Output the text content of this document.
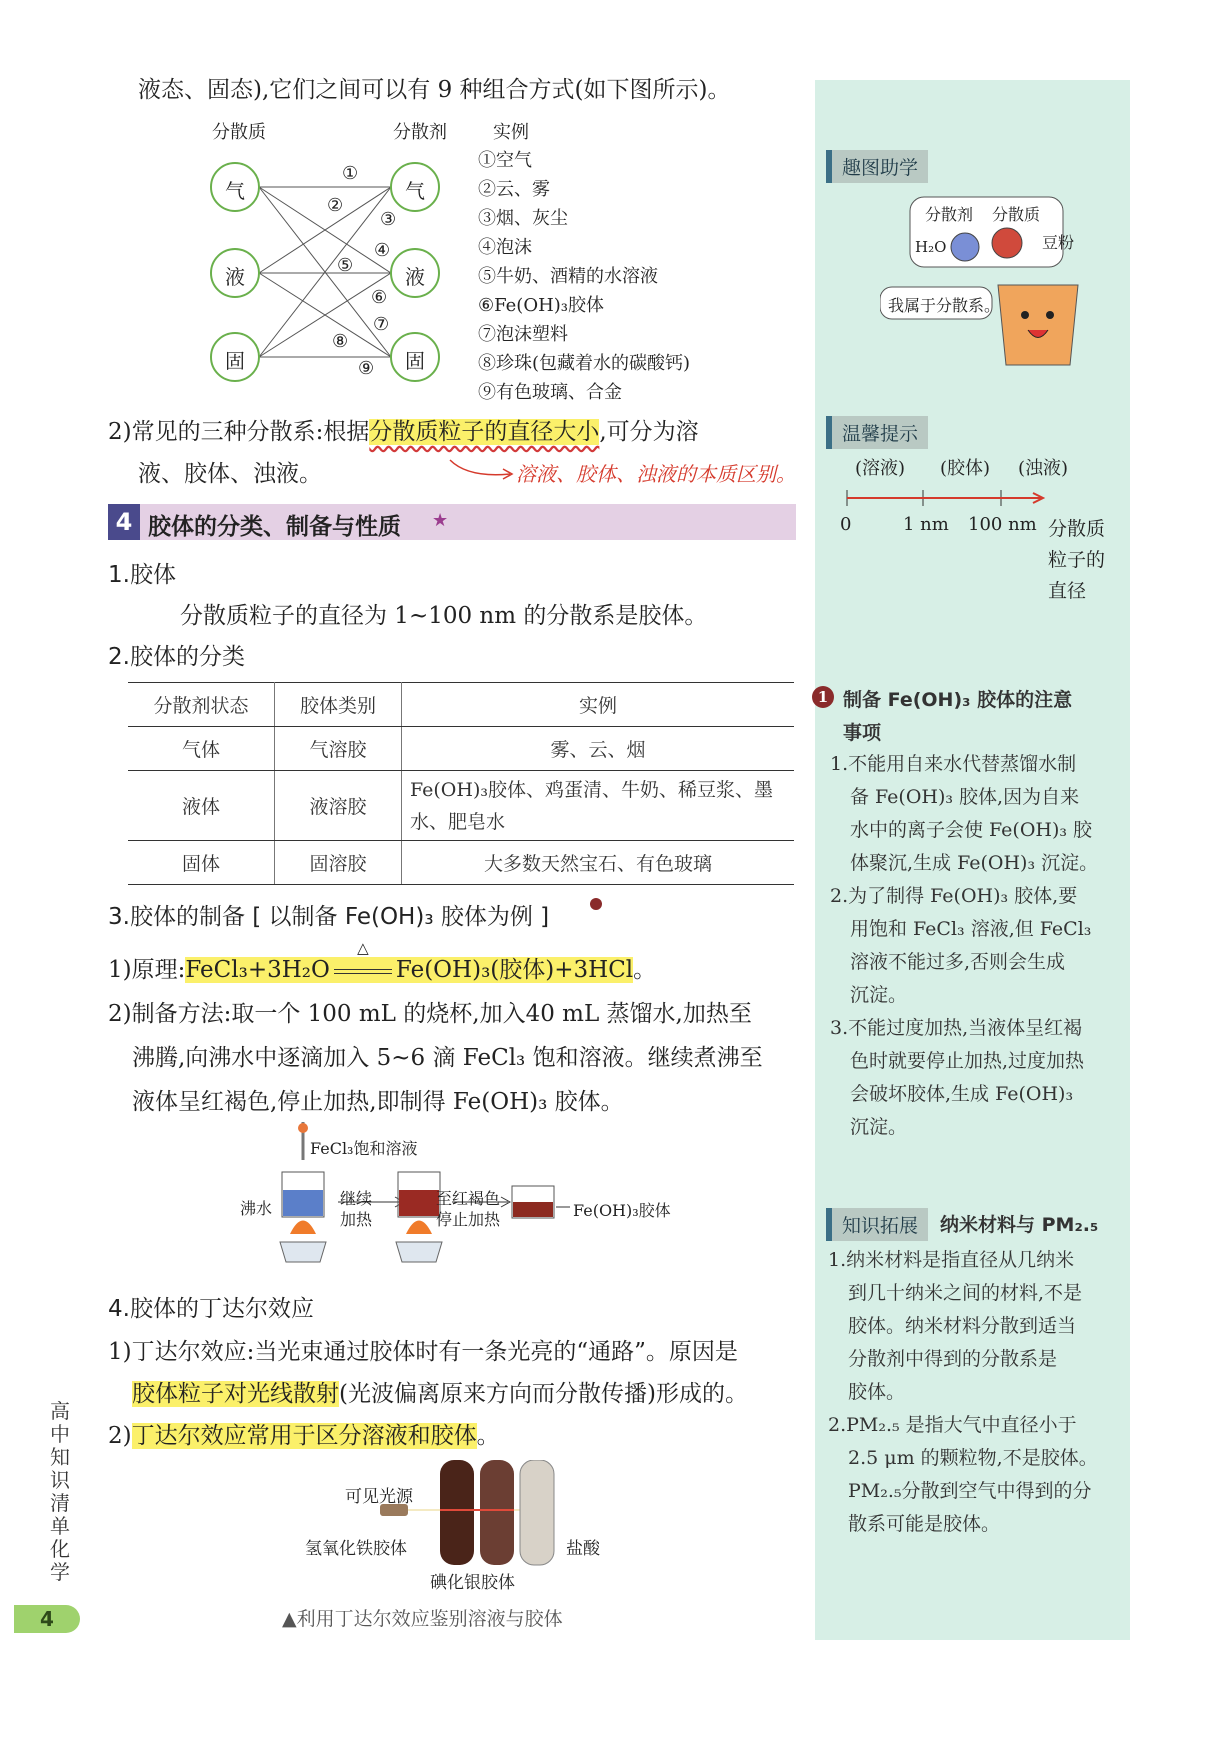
趣图助学
分散剂 分散质
H₂O	豆粉
我属于分散系。
温馨提示
(溶液) (胶体) (浊液)
0	1 nm 100 nm 分散质
粒子的
直径
1 制备 Fe(OH)₃ 胶体的注意
事项
1.不能用自来水代替蒸馏水制
备 Fe(OH)₃ 胶体,因为自来
水中的离子会使 Fe(OH)₃ 胶
体聚沉,生成 Fe(OH)₃ 沉淀。
2.为了制得 Fe(OH)₃ 胶体,要
用饱和 FeCl₃ 溶液,但 FeCl₃
溶液不能过多,否则会生成
沉淀。
3.不能过度加热,当液体呈红褐
色时就要停止加热,过度加热
会破坏胶体,生成 Fe(OH)₃
沉淀。
知识拓展	纳米材料与 PM₂.₅
1.纳米材料是指直径从几纳米
到几十纳米之间的材料,不是
胶体。纳米材料分散到适当
分散剂中得到的分散系是
胶体。
2.PM₂.₅ 是指大气中直径小于
2.5 μm 的颗粒物,不是胶体。
PM₂.₅分散到空气中得到的分
散系可能是胶体。
液态、固态),它们之间可以有 9 种组合方式(如下图所示)。
分散质	分散剂	实例
气
液
固
气
液
固
①
②
③
④
⑤
⑥
⑦
⑧
⑨
①空气
②云、雾
③烟、灰尘
④泡沫
⑤牛奶、酒精的水溶液
⑥Fe(OH)₃胶体
⑦泡沫塑料
⑧珍珠(包藏着水的碳酸钙)
⑨有色玻璃、合金
2)常见的三种分散系:根据分散质粒子的直径大小,可分为溶
液、胶体、浊液。	溶液、胶体、浊液的本质区别。
4 胶体的分类、制备与性质 ★
1.胶体
分散质粒子的直径为 1~100 nm 的分散系是胶体。
2.胶体的分类
分散剂状态	胶体类别	实例
气体	气溶胶	雾、云、烟
液体	液溶胶	Fe(OH)₃胶体、鸡蛋清、牛奶、稀豆浆、墨水、肥皂水
固体	固溶胶	大多数天然宝石、有色玻璃
3.胶体的制备 [ 以制备 Fe(OH)₃ 胶体为例 ]
1)原理:FeCl₃+3H₂O
△
Fe(OH)₃(胶体)+3HCl。
2)制备方法:取一个 100 mL 的烧杯,加入40 mL 蒸馏水,加热至
沸腾,向沸水中逐滴加入 5~6 滴 FeCl₃ 饱和溶液。继续煮沸至
液体呈红褐色,停止加热,即制得 Fe(OH)₃ 胶体。
FeCl₃饱和溶液
沸水
继续
加热
至红褐色
停止加热	Fe(OH)₃胶体
4.胶体的丁达尔效应
1)丁达尔效应:当光束通过胶体时有一条光亮的“通路”。原因是
胶体粒子对光线散射(光波偏离原来方向而分散传播)形成的。
2)丁达尔效应常用于区分溶液和胶体。
可见光源
氢氧化铁胶体	盐酸
碘化银胶体
▲利用丁达尔效应鉴别溶液与胶体
高中知识清单 化学
4
